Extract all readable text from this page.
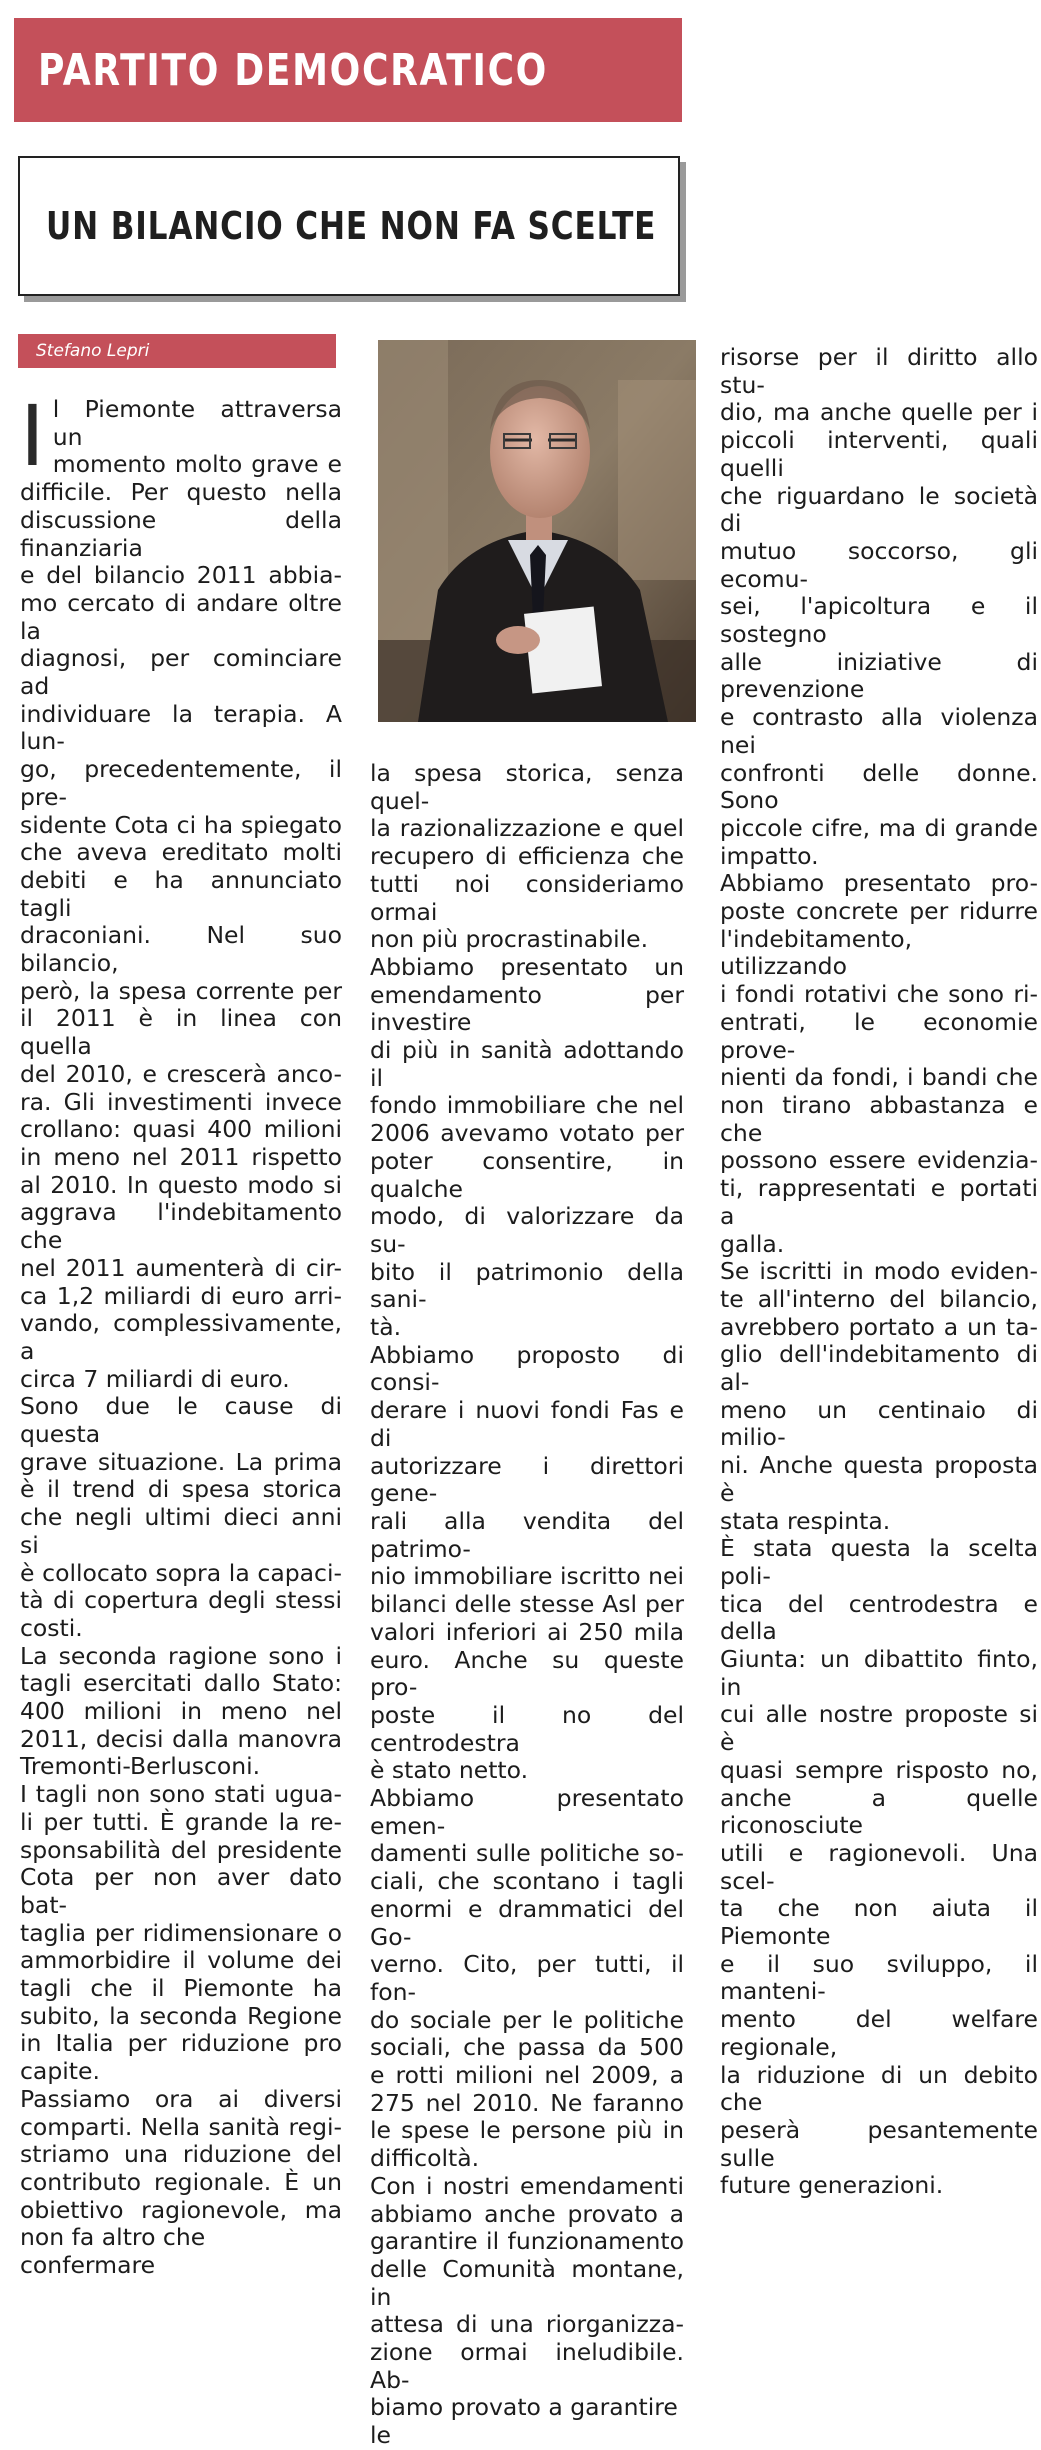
PARTITO DEMOCRATICO
UN BILANCIO CHE NON FA SCELTE
Stefano Lepri
I l Piemonte attraversa un

momento molto grave e

difficile. Per questo nella

discussione della finanziaria

e del bilancio 2011 abbia-

mo cercato di andare oltre la

diagnosi, per cominciare ad

individuare la terapia. A lun-

go, precedentemente, il pre-

sidente Cota ci ha spiegato

che aveva ereditato molti

debiti e ha annunciato tagli

draconiani. Nel suo bilancio,

però, la spesa corrente per

il 2011 è in linea con quella

del 2010, e crescerà anco-

ra. Gli investimenti invece

crollano: quasi 400 milioni

in meno nel 2011 rispetto

al 2010. In questo modo si

aggrava l'indebitamento che

nel 2011 aumenterà di cir-

ca 1,2 miliardi di euro arri-

vando, complessivamente, a

circa 7 miliardi di euro.

Sono due le cause di questa

grave situazione. La prima

è il trend di spesa storica

che negli ultimi dieci anni si

è collocato sopra la capaci-

tà di copertura degli stessi

costi.

La seconda ragione sono i

tagli esercitati dallo Stato:

400 milioni in meno nel

2011, decisi dalla manovra

Tremonti-Berlusconi.

I tagli non sono stati ugua-

li per tutti. È grande la re-

sponsabilità del presidente

Cota per non aver dato bat-

taglia per ridimensionare o

ammorbidire il volume dei

tagli che il Piemonte ha

subito, la seconda Regione

in Italia per riduzione pro

capite.

Passiamo ora ai diversi

comparti. Nella sanità regi-

striamo una riduzione del

contributo regionale. È un

obiettivo ragionevole, ma

non fa altro che confermare

la spesa storica, senza quel-

la razionalizzazione e quel

recupero di efficienza che

tutti noi consideriamo ormai

non più procrastinabile.

Abbiamo presentato un

emendamento per investire

di più in sanità adottando il

fondo immobiliare che nel

2006 avevamo votato per

poter consentire, in qualche

modo, di valorizzare da su-

bito il patrimonio della sani-

tà.

Abbiamo proposto di consi-

derare i nuovi fondi Fas e di

autorizzare i direttori gene-

rali alla vendita del patrimo-

nio immobiliare iscritto nei

bilanci delle stesse Asl per

valori inferiori ai 250 mila

euro. Anche su queste pro-

poste il no del centrodestra

è stato netto.

Abbiamo presentato emen-

damenti sulle politiche so-

ciali, che scontano i tagli

enormi e drammatici del Go-

verno. Cito, per tutti, il fon-

do sociale per le politiche

sociali, che passa da 500

e rotti milioni nel 2009, a

275 nel 2010. Ne faranno

le spese le persone più in

difficoltà.

Con i nostri emendamenti

abbiamo anche provato a

garantire il funzionamento

delle Comunità montane, in

attesa di una riorganizza-

zione ormai ineludibile. Ab-

biamo provato a garantire le

risorse per il diritto allo stu-

dio, ma anche quelle per i

piccoli interventi, quali quelli

che riguardano le società di

mutuo soccorso, gli ecomu-

sei, l'apicoltura e il sostegno

alle iniziative di prevenzione

e contrasto alla violenza nei

confronti delle donne. Sono

piccole cifre, ma di grande

impatto.

Abbiamo presentato pro-

poste concrete per ridurre

l'indebitamento, utilizzando

i fondi rotativi che sono ri-

entrati, le economie prove-

nienti da fondi, i bandi che

non tirano abbastanza e che

possono essere evidenzia-

ti, rappresentati e portati a

galla.

Se iscritti in modo eviden-

te all'interno del bilancio,

avrebbero portato a un ta-

glio dell'indebitamento di al-

meno un centinaio di milio-

ni. Anche questa proposta è

stata respinta.

È stata questa la scelta poli-

tica del centrodestra e della

Giunta: un dibattito finto, in

cui alle nostre proposte si è

quasi sempre risposto no,

anche a quelle riconosciute

utili e ragionevoli. Una scel-

ta che non aiuta il Piemonte

e il suo sviluppo, il manteni-

mento del welfare regionale,

la riduzione di un debito che

peserà pesantemente sulle

future generazioni.
